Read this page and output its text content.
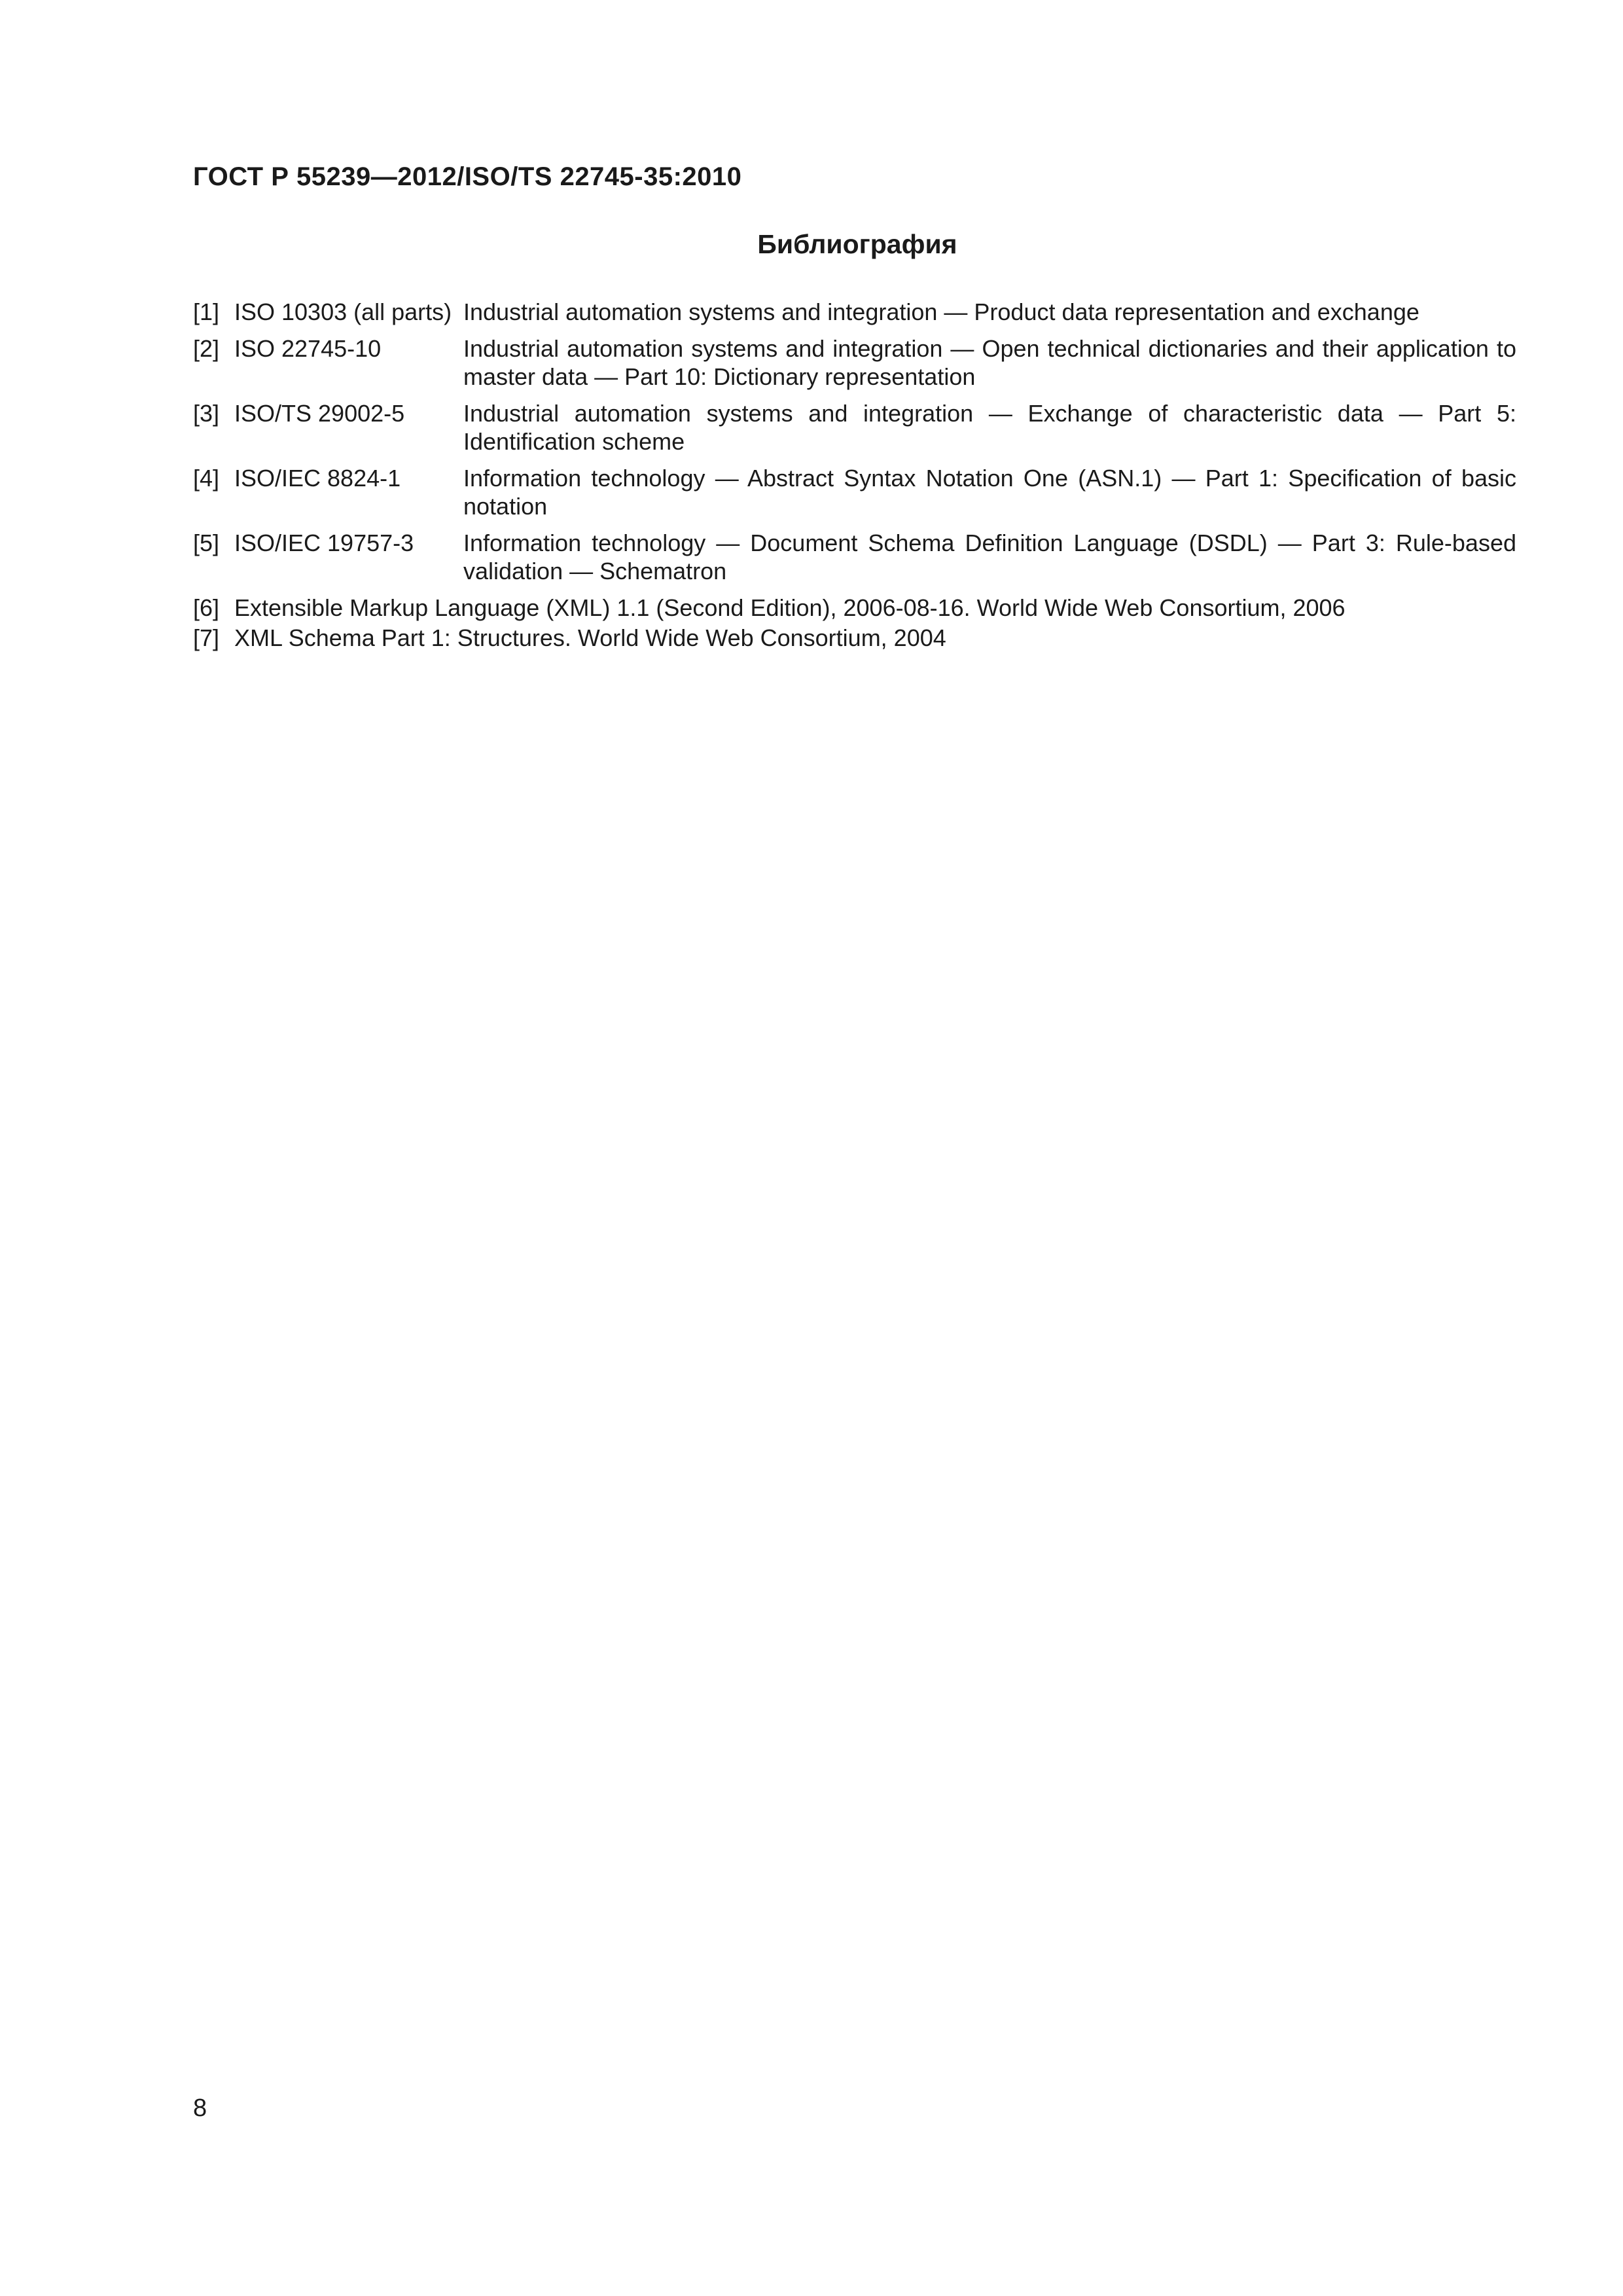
ГОСТ Р 55239—2012/ISO/TS 22745-35:2010
Библиография
[1] ISO 10303 (all parts) Industrial automation systems and integration — Product data representation and exchange
[2] ISO 22745-10	Industrial automation systems and integration — Open technical dictionaries and their application to master data — Part 10: Dictionary representation
[3] ISO/TS 29002-5	Industrial automation systems and integration — Exchange of characteristic data — Part 5: Identification scheme
[4] ISO/IEC 8824-1	Information technology — Abstract Syntax Notation One (ASN.1) — Part 1: Specification of basic notation
[5] ISO/IEC 19757-3	Information technology — Document Schema Definition Language (DSDL) — Part 3: Rule-based validation — Schematron
[6] Extensible Markup Language (XML) 1.1 (Second Edition), 2006-08-16. World Wide Web Consortium, 2006
[7] XML Schema Part 1: Structures. World Wide Web Consortium, 2004
8
